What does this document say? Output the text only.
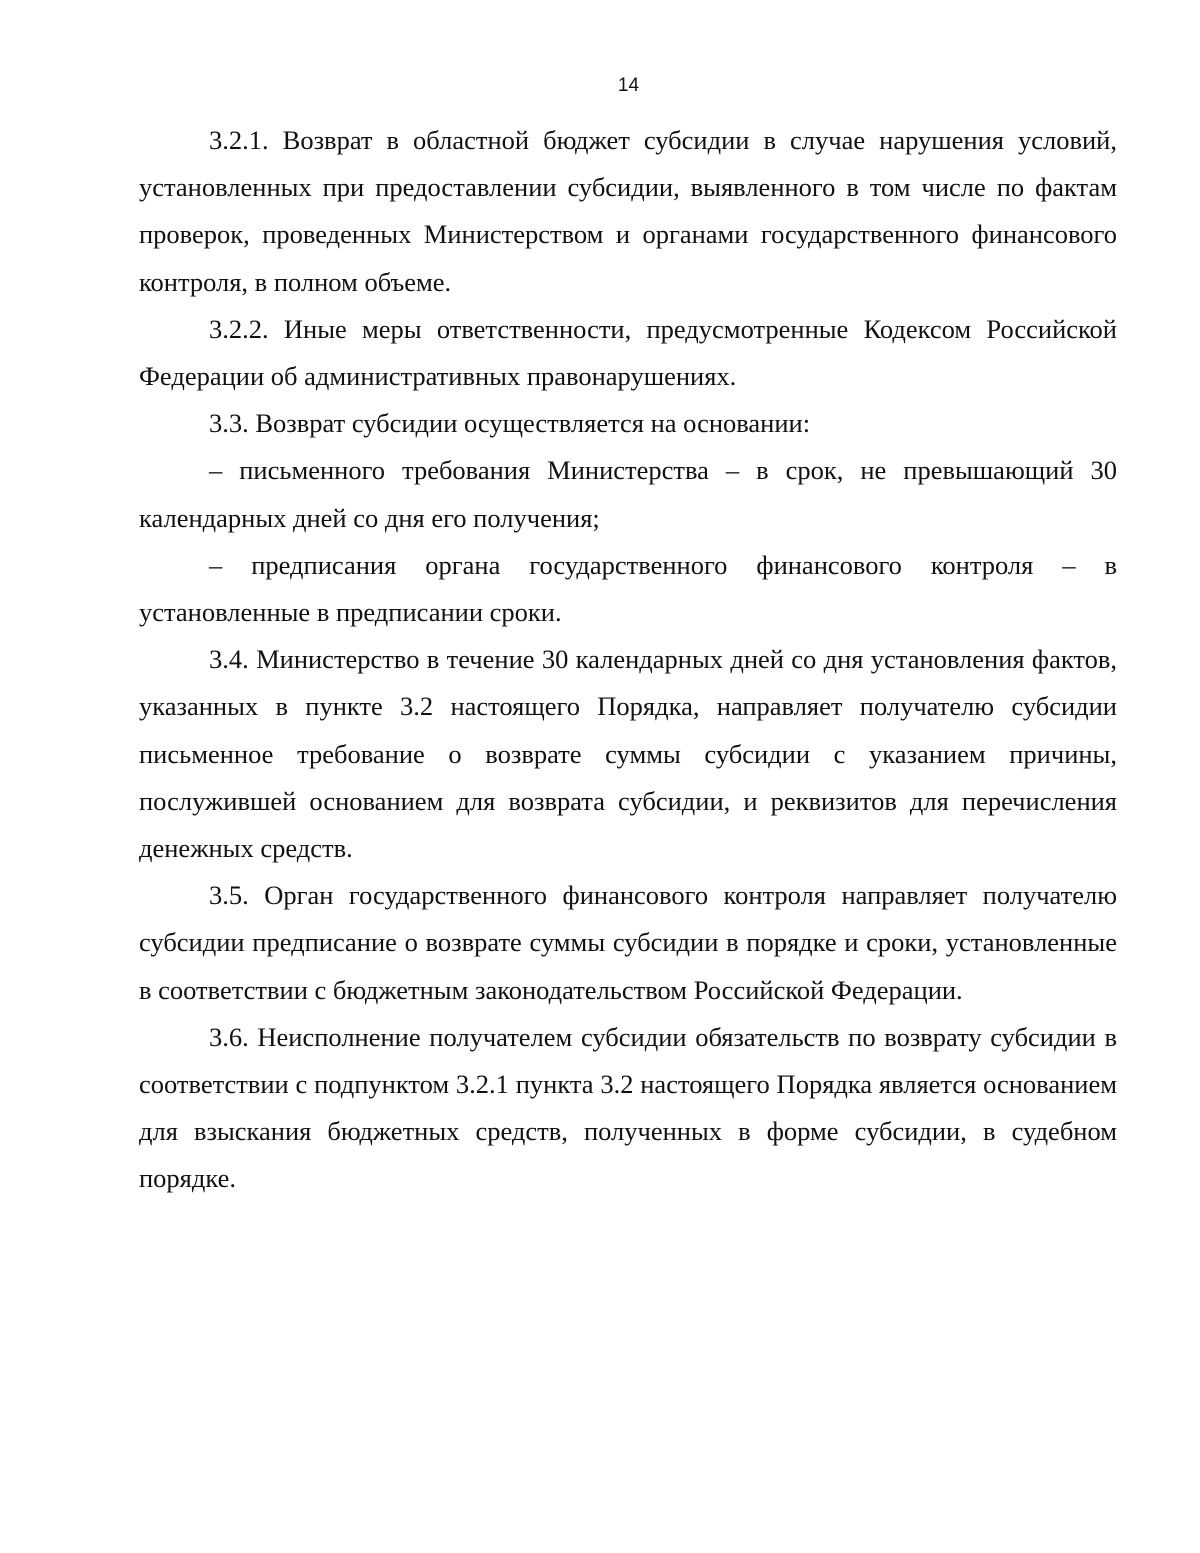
14

3.2.1. Возврат в областной бюджет субсидии в случае нарушения условий, установленных при предоставлении субсидии, выявленного в том числе по фактам проверок, проведенных Министерством и органами государственного финансового контроля, в полном объеме.

3.2.2. Иные меры ответственности, предусмотренные Кодексом Российской Федерации об административных правонарушениях.

3.3. Возврат субсидии осуществляется на основании:

– письменного требования Министерства – в срок, не превышающий 30 календарных дней со дня его получения;

– предписания органа государственного финансового контроля – в установленные в предписании сроки.

3.4. Министерство в течение 30 календарных дней со дня установления фактов, указанных в пункте 3.2 настоящего Порядка, направляет получателю субсидии письменное требование о возврате суммы субсидии с указанием причины, послужившей основанием для возврата субсидии, и реквизитов для перечисления денежных средств.

3.5. Орган государственного финансового контроля направляет получателю субсидии предписание о возврате суммы субсидии в порядке и сроки, установленные в соответствии с бюджетным законодательством Российской Федерации.

3.6. Неисполнение получателем субсидии обязательств по возврату субсидии в соответствии с подпунктом 3.2.1 пункта 3.2 настоящего Порядка является основанием для взыскания бюджетных средств, полученных в форме субсидии, в судебном порядке.
